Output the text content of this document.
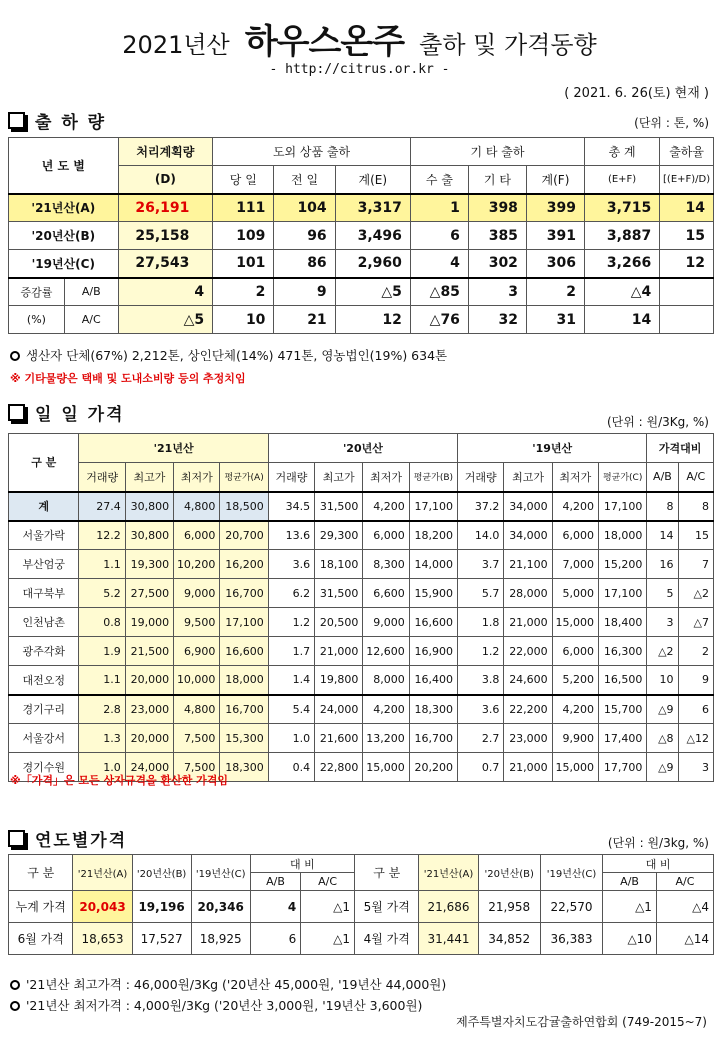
2021년산 하우스온주 출하 및 가격동향
- http://citrus.or.kr -
( 2021. 6. 26(토) 현재 )
출 하 량	(단위 : 톤, %)
년 도 별		처리계획량	도외 상품 출하			기 타 출하			총 계	출하율
		(D)	당 일	전 일	계(E)	수 출	기 타	계(F)	(E+F)	[(E+F)/D)
'21년산(A)		26,191	111	104	3,317	1	398	399	3,715	14
'20년산(B)		25,158	109	96	3,496	6	385	391	3,887	15
'19년산(C)		27,543	101	86	2,960	4	302	306	3,266	12
증감률	A/B	4	2	9	△5	△85	3	2	△4	
(%)	A/C	△5	10	21	12	△76	32	31	14	
생산자 단체(67%) 2,212톤, 상인단체(14%) 471톤, 영농법인(19%) 634톤
※ 기타물량은 택배 및 도내소비량 등의 추정치임
일 일 가격	(단위 : 원/3Kg, %)
구 분	'21년산				'20년산				'19년산				가격대비	
	거래량	최고가	최저가	평균가(A)	거래량	최고가	최저가	평균가(B)	거래량	최고가	최저가	평균가(C)	A/B	A/C
계	27.4	30,800	4,800	18,500	34.5	31,500	4,200	17,100	37.2	34,000	4,200	17,100	8	8
서울가락	12.2	30,800	6,000	20,700	13.6	29,300	6,000	18,200	14.0	34,000	6,000	18,000	14	15
부산엄궁	1.1	19,300	10,200	16,200	3.6	18,100	8,300	14,000	3.7	21,100	7,000	15,200	16	7
대구북부	5.2	27,500	9,000	16,700	6.2	31,500	6,600	15,900	5.7	28,000	5,000	17,100	5	△2
인천남촌	0.8	19,000	9,500	17,100	1.2	20,500	9,000	16,600	1.8	21,000	15,000	18,400	3	△7
광주각화	1.9	21,500	6,900	16,600	1.7	21,000	12,600	16,900	1.2	22,000	6,000	16,300	△2	2
대전오정	1.1	20,000	10,000	18,000	1.4	19,800	8,000	16,400	3.8	24,600	5,200	16,500	10	9
경기구리	2.8	23,000	4,800	16,700	5.4	24,000	4,200	18,300	3.6	22,200	4,200	15,700	△9	6
서울강서	1.3	20,000	7,500	15,300	1.0	21,600	13,200	16,700	2.7	23,000	9,900	17,400	△8	△12
경기수원	1.0	24,000	7,500	18,300	0.4	22,800	15,000	20,200	0.7	21,000	15,000	17,700	△9	3
※「가격」은 모든 상자규격을 환산한 가격임
연도별가격	(단위 : 원/3kg, %)
구 분	'21년산(A)	'20년산(B)	'19년산(C)	대 비		구 분	'21년산(A)	'20년산(B)	'19년산(C)	대 비	
				A/B	A/C					A/B	A/C
누계 가격	20,043	19,196	20,346	4	△1	5월 가격	21,686	21,958	22,570	△1	△4
6월 가격	18,653	17,527	18,925	6	△1	4월 가격	31,441	34,852	36,383	△10	△14
'21년산 최고가격 : 46,000원/3Kg ('20년산 45,000원, '19년산 44,000원)
'21년산 최저가격 : 4,000원/3Kg ('20년산 3,000원, '19년산 3,600원)
제주특별자치도감귤출하연합회 (749-2015~7)
